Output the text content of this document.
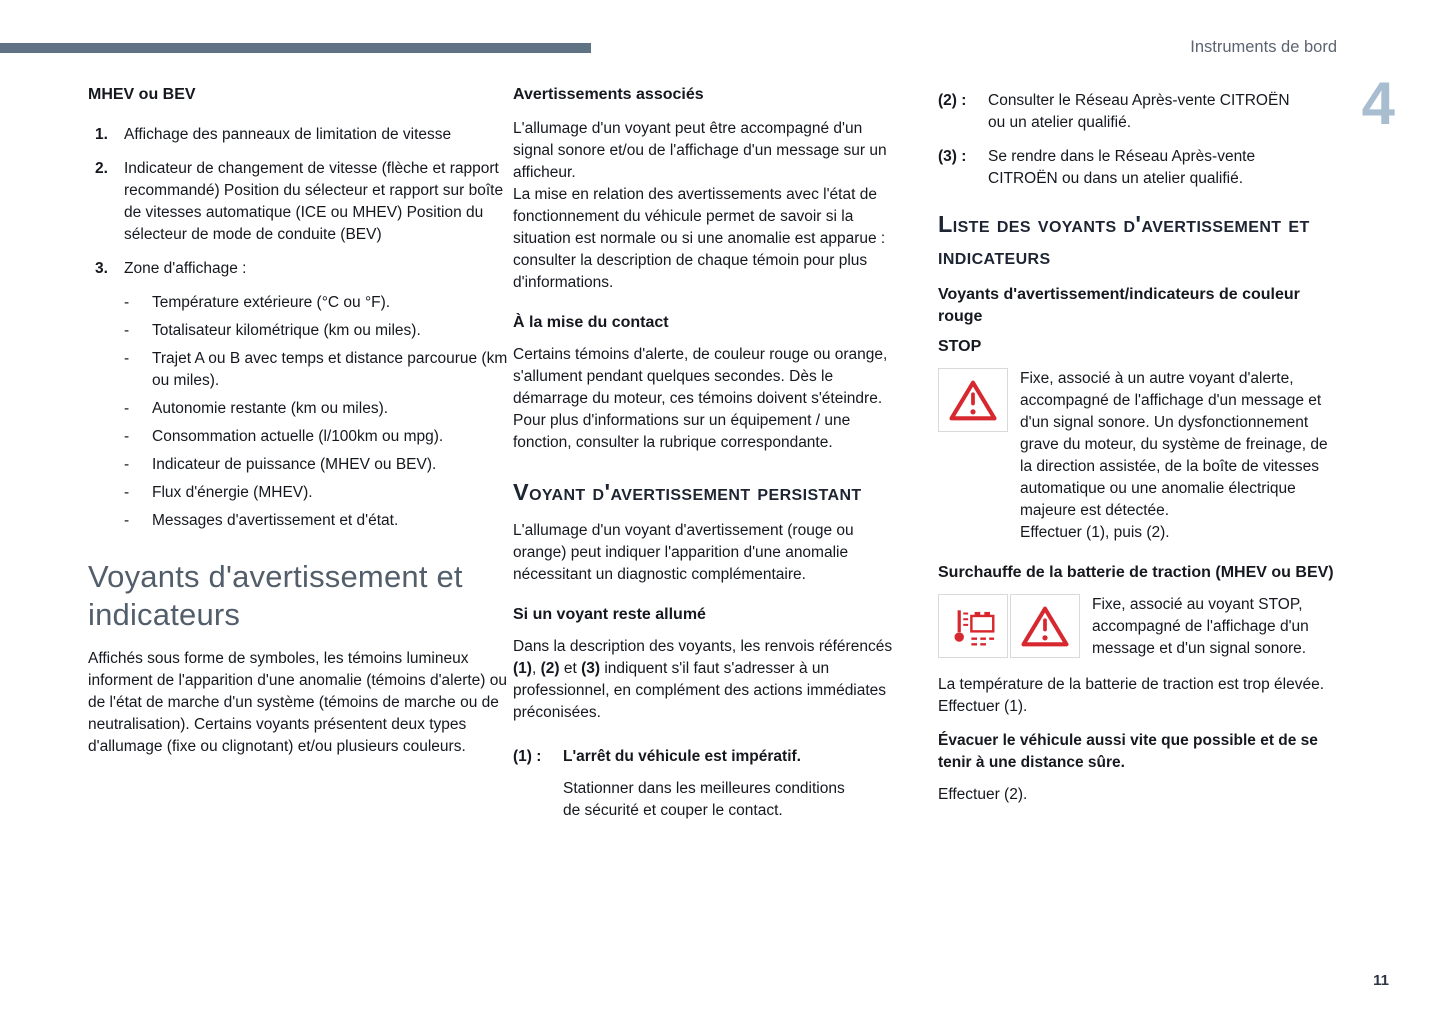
Instruments de bord
4
11
MHEV ou BEV
1.	Affichage des panneaux de limitation de vitesse
2.	Indicateur de changement de vitesse (flèche et rapport recommandé) Position du sélecteur et rapport sur boîte de vitesses automatique (ICE ou MHEV) Position du sélecteur de mode de conduite (BEV)
3.	Zone d'affichage :
-	Température extérieure (°C ou °F).
-	Totalisateur kilométrique (km ou miles).
-	Trajet A ou B avec temps et distance parcourue (km ou miles).
-	Autonomie restante (km ou miles).
-	Consommation actuelle (l/100km ou mpg).
-	Indicateur de puissance (MHEV ou BEV).
-	Flux d'énergie (MHEV).
-	Messages d'avertissement et d'état.
Voyants d'avertissement et indicateurs
Affichés sous forme de symboles, les témoins lumineux informent de l'apparition d'une anomalie (témoins d'alerte) ou de l'état de marche d'un système (témoins de marche ou de neutralisation). Certains voyants présentent deux types d'allumage (fixe ou clignotant) et/ou plusieurs couleurs.
Avertissements associés
L'allumage d'un voyant peut être accompagné d'un signal sonore et/ou de l'affichage d'un message sur un afficheur.
La mise en relation des avertissements avec l'état de fonctionnement du véhicule permet de savoir si la situation est normale ou si une anomalie est apparue : consulter la description de chaque témoin pour plus d'informations.
À la mise du contact
Certains témoins d'alerte, de couleur rouge ou orange, s'allument pendant quelques secondes. Dès le démarrage du moteur, ces témoins doivent s'éteindre.
Pour plus d'informations sur un équipement / une fonction, consulter la rubrique correspondante.
Voyant d'avertissement persistant
L'allumage d'un voyant d'avertissement (rouge ou orange) peut indiquer l'apparition d'une anomalie nécessitant un diagnostic complémentaire.
Si un voyant reste allumé
Dans la description des voyants, les renvois référencés (1), (2) et (3) indiquent s'il faut s'adresser à un professionnel, en complément des actions immédiates préconisées.
(1) :	L'arrêt du véhicule est impératif.
Stationner dans les meilleures conditions de sécurité et couper le contact.
(2) :	Consulter le Réseau Après-vente CITROËN ou un atelier qualifié.
(3) :	Se rendre dans le Réseau Après-vente CITROËN ou dans un atelier qualifié.
Liste des voyants d'avertissement et indicateurs
Voyants d'avertissement/indicateurs de couleur rouge
STOP
Fixe, associé à un autre voyant d'alerte, accompagné de l'affichage d'un message et d'un signal sonore. Un dysfonctionnement grave du moteur, du système de freinage, de la direction assistée, de la boîte de vitesses automatique ou une anomalie électrique majeure est détectée.
Effectuer (1), puis (2).
Surchauffe de la batterie de traction (MHEV ou BEV)
Fixe, associé au voyant STOP, accompagné de l'affichage d'un message et d'un signal sonore.
La température de la batterie de traction est trop élevée.
Effectuer (1).
Évacuer le véhicule aussi vite que possible et de se tenir à une distance sûre.
Effectuer (2).
